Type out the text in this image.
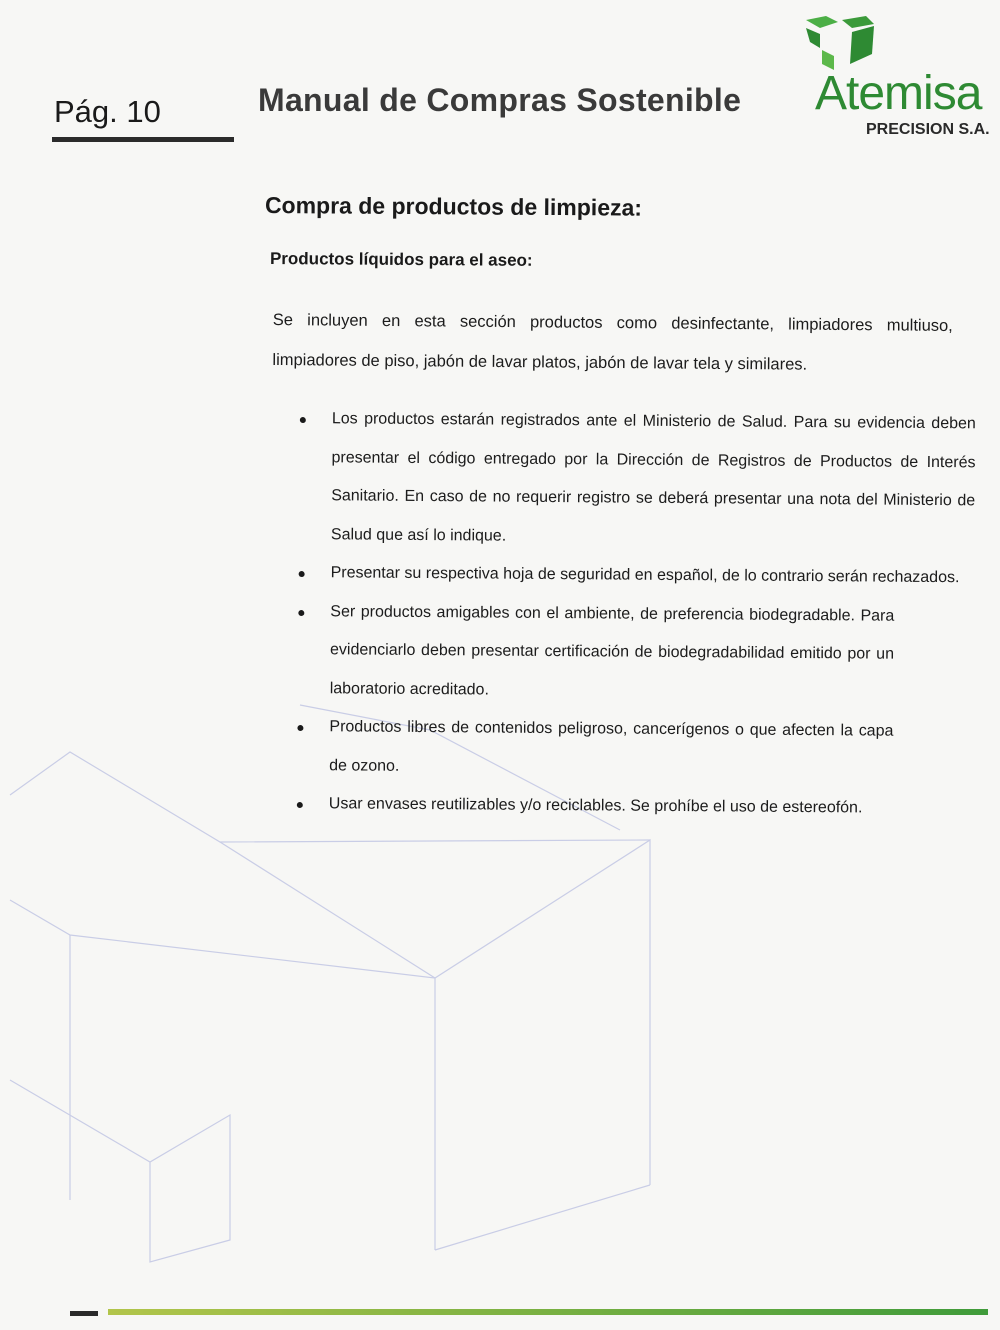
Pág. 10	Manual de Compras Sostenible Atemisa
PRECISION S.A.
Compra de productos de limpieza:
Productos líquidos para el aseo:
Se incluyen en esta sección productos como desinfectante, limpiadores multiuso, limpiadores de piso, jabón de lavar platos, jabón de lavar tela y similares.
Los productos estarán registrados ante el Ministerio de Salud. Para su evidencia deben presentar el código entregado por la Dirección de Registros de Productos de Interés Sanitario. En caso de no requerir registro se deberá presentar una nota del Ministerio de Salud que así lo indique.
Presentar su respectiva hoja de seguridad en español, de lo contrario serán rechazados.
Ser productos amigables con el ambiente, de preferencia biodegradable. Para evidenciarlo deben presentar certificación de biodegradabilidad emitido por un laboratorio acreditado.
Productos libres de contenidos peligroso, cancerígenos o que afecten la capa de ozono.
Usar envases reutilizables y/o reciclables. Se prohíbe el uso de estereofón.
